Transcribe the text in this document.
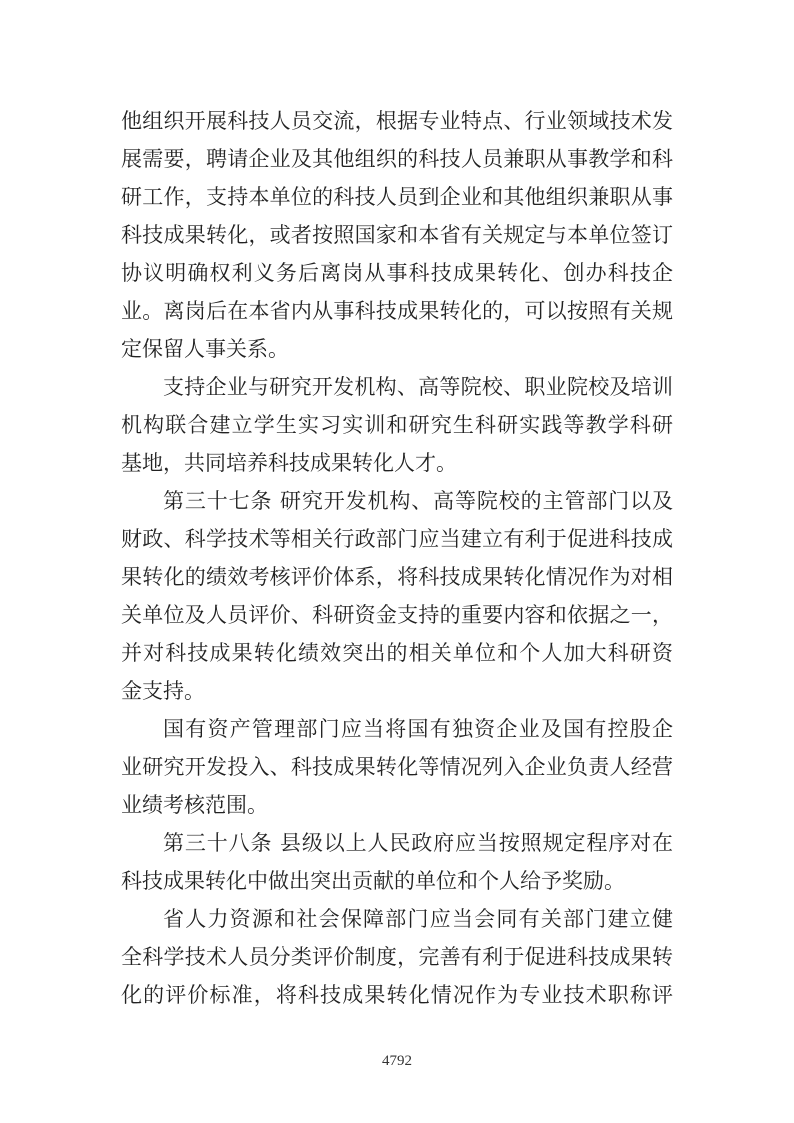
他组织开展科技人员交流，根据专业特点、行业领域技术发
展需要，聘请企业及其他组织的科技人员兼职从事教学和科
研工作，支持本单位的科技人员到企业和其他组织兼职从事
科技成果转化，或者按照国家和本省有关规定与本单位签订
协议明确权利义务后离岗从事科技成果转化、创办科技企
业。离岗后在本省内从事科技成果转化的，可以按照有关规
定保留人事关系。
支持企业与研究开发机构、高等院校、职业院校及培训
机构联合建立学生实习实训和研究生科研实践等教学科研
基地，共同培养科技成果转化人才。
第三十七条 研究开发机构、高等院校的主管部门以及
财政、科学技术等相关行政部门应当建立有利于促进科技成
果转化的绩效考核评价体系，将科技成果转化情况作为对相
关单位及人员评价、科研资金支持的重要内容和依据之一，
并对科技成果转化绩效突出的相关单位和个人加大科研资
金支持。
国有资产管理部门应当将国有独资企业及国有控股企
业研究开发投入、科技成果转化等情况列入企业负责人经营
业绩考核范围。
第三十八条 县级以上人民政府应当按照规定程序对在
科技成果转化中做出突出贡献的单位和个人给予奖励。
省人力资源和社会保障部门应当会同有关部门建立健
全科学技术人员分类评价制度，完善有利于促进科技成果转
化的评价标准，将科技成果转化情况作为专业技术职称评
4792
